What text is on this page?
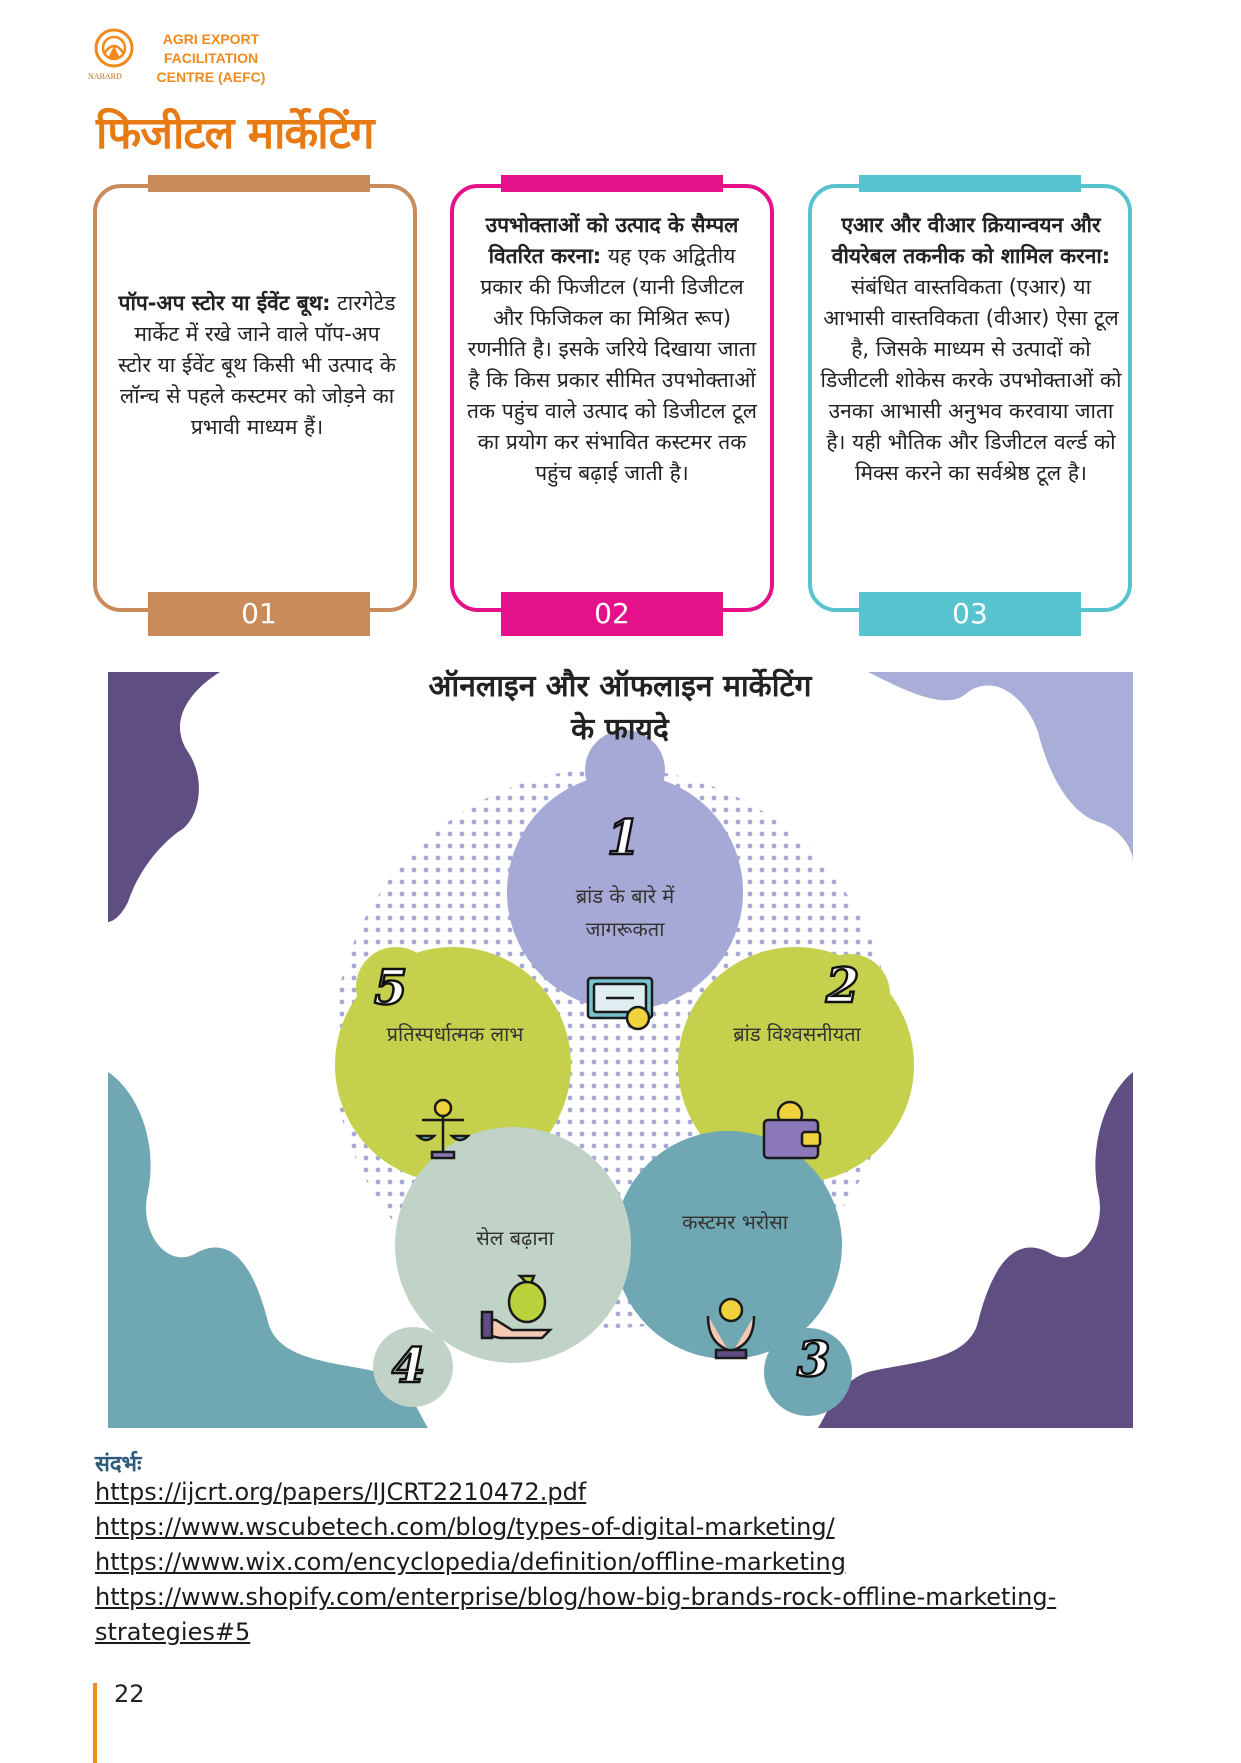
NABARD
AGRI EXPORT
FACILITATION
CENTRE (AEFC)
फिजीटल मार्केटिंग
पॉप-अप स्टोर या ईवेंट बूथ: टारगेटेड मार्केट में रखे जाने वाले पॉप-अप स्टोर या ईवेंट बूथ किसी भी उत्पाद के लॉन्च से पहले कस्टमर को जोड़ने का प्रभावी माध्यम हैं।
01
उपभोक्ताओं को उत्पाद के सैम्पल वितरित करना: यह एक अद्वितीय प्रकार की फिजीटल (यानी डिजीटल और फिजिकल का मिश्रित रूप) रणनीति है। इसके जरिये दिखाया जाता है कि किस प्रकार सीमित उपभोक्ताओं तक पहुंच वाले उत्पाद को डिजीटल टूल का प्रयोग कर संभावित कस्टमर तक पहुंच बढ़ाई जाती है।
02
एआर और वीआर क्रियान्वयन और वीयरेबल तकनीक को शामिल करना: संबंधित वास्तविकता (एआर) या आभासी वास्तविकता (वीआर) ऐसा टूल है, जिसके माध्यम से उत्पादों को डिजीटली शोकेस करके उपभोक्ताओं को उनका आभासी अनुभव करवाया जाता है। यही भौतिक और डिजीटल वर्ल्ड को मिक्स करने का सर्वश्रेष्ठ टूल है।
03
ऑनलाइन और ऑफलाइन मार्केटिंग के फायदे
ब्रांड के बारे में जागरूकता
ब्रांड विश्वसनीयता
कस्टमर भरोसा
सेल बढ़ाना
प्रतिस्पर्धात्मक लाभ
1
2
3
4
5
संदर्भः
https://ijcrt.org/papers/IJCRT2210472.pdf
https://www.wscubetech.com/blog/types-of-digital-marketing/
https://www.wix.com/encyclopedia/definition/offline-marketing
https://www.shopify.com/enterprise/blog/how-big-brands-rock-offline-marketing-
strategies#5
22
